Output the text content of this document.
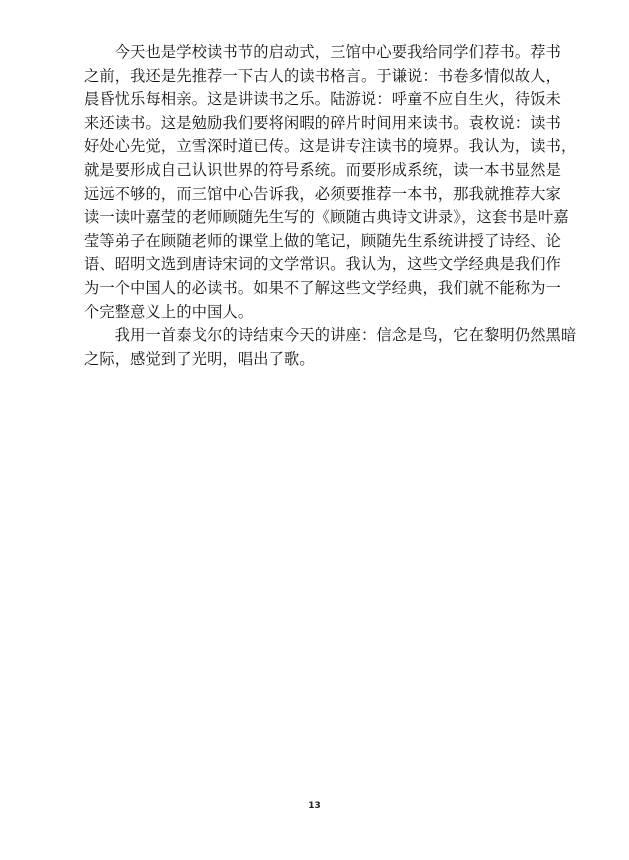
　　今天也是学校读书节的启动式，三馆中心要我给同学们荐书。荐书
之前，我还是先推荐一下古人的读书格言。于谦说：书卷多情似故人，
晨昏忧乐每相亲。这是讲读书之乐。陆游说：呼童不应自生火，待饭未
来还读书。这是勉励我们要将闲暇的碎片时间用来读书。袁枚说：读书
好处心先觉，立雪深时道已传。这是讲专注读书的境界。我认为，读书，
就是要形成自己认识世界的符号系统。而要形成系统，读一本书显然是
远远不够的，而三馆中心告诉我，必须要推荐一本书，那我就推荐大家
读一读叶嘉莹的老师顾随先生写的《顾随古典诗文讲录》，这套书是叶嘉
莹等弟子在顾随老师的课堂上做的笔记，顾随先生系统讲授了诗经、论
语、昭明文选到唐诗宋词的文学常识。我认为，这些文学经典是我们作
为一个中国人的必读书。如果不了解这些文学经典，我们就不能称为一
个完整意义上的中国人。
　　我用一首泰戈尔的诗结束今天的讲座：信念是鸟，它在黎明仍然黑暗
之际，感觉到了光明，唱出了歌。
13
